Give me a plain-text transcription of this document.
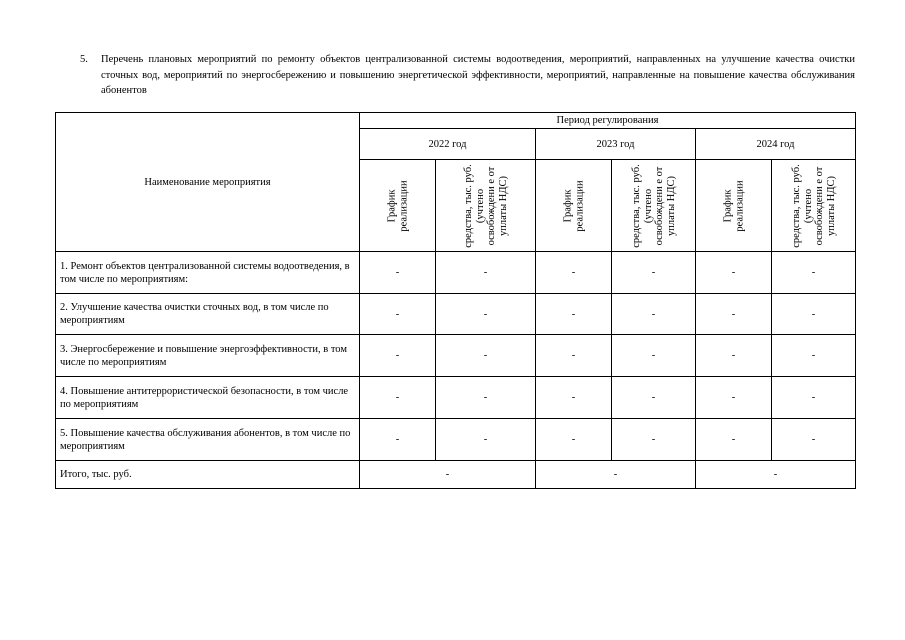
5. Перечень плановых мероприятий по ремонту объектов централизованной системы водоотведения, мероприятий, направленных на улучшение качества очистки сточных вод, мероприятий по энергосбережению и повышению энергетической эффективности, мероприятий, направленные на повышение качества обслуживания абонентов
Наименование мероприятия	Период регулирования					
	2022 год		2023 год		2024 год	

	График реализации	средства, тыс. руб. (учтено освобождени е от уплаты НДС)	График реализации	средства, тыс. руб. (учтено освобождени е от уплаты НДС)	График реализации	средства, тыс. руб. (учтено освобождени е от уплаты НДС)

1. Ремонт объектов централизованной системы водоотведения, в том числе по мероприятиям:	-	-	-	-	-	-
2. Улучшение качества очистки сточных вод, в том числе по мероприятиям	-	-	-	-	-	-
3. Энергосбережение и повышение энергоэффективности, в том числе по мероприятиям	-	-	-	-	-	-
4. Повышение антитеррористической безопасности, в том числе по мероприятиям	-	-	-	-	-	-
5. Повышение качества обслуживания абонентов, в том числе по мероприятиям	-	-	-	-	-	-
Итого, тыс. руб.	-		-		-	
